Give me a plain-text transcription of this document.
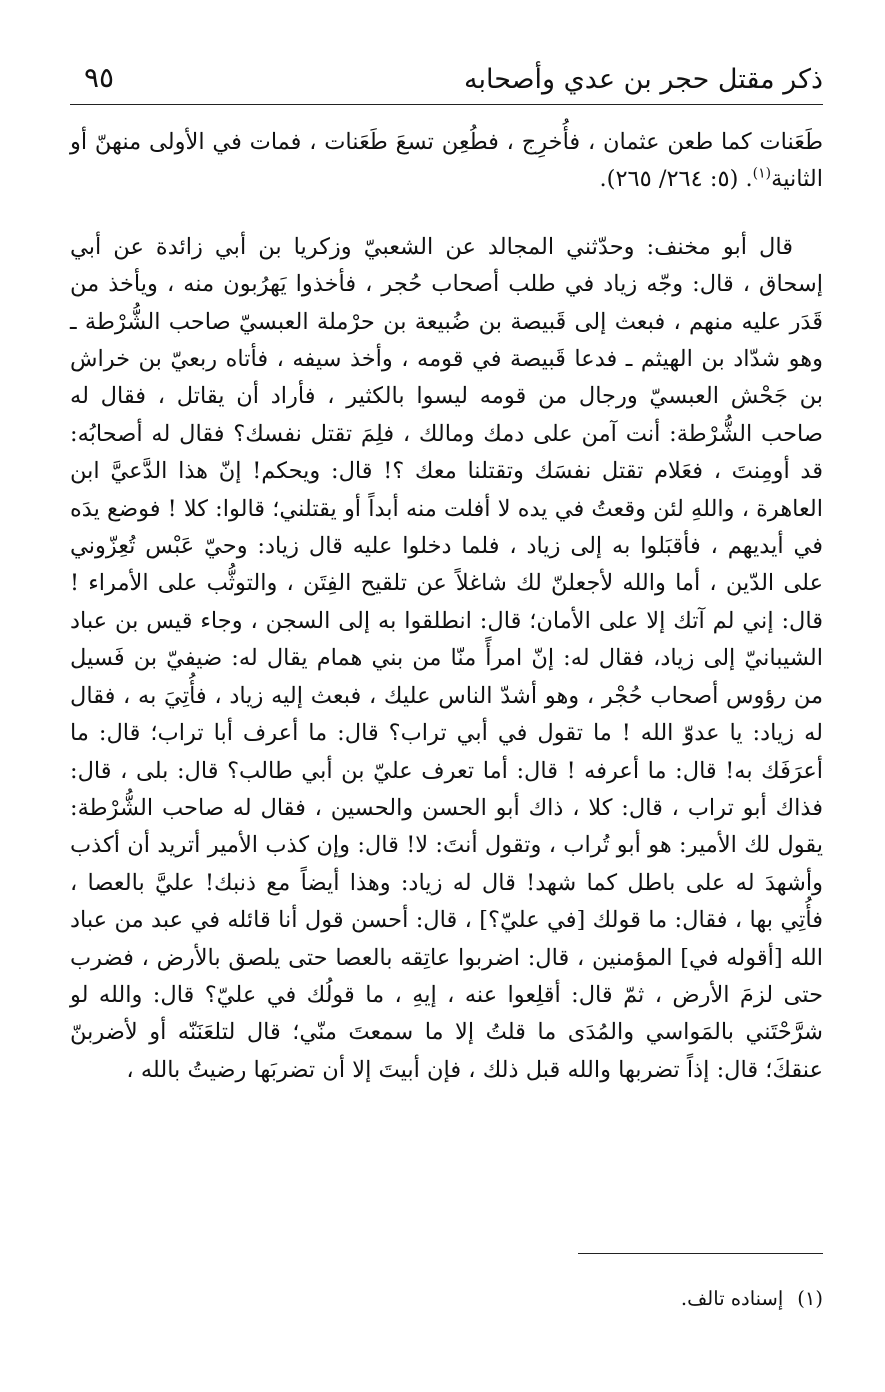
ذكر مقتل حجر بن عدي وأصحابه
٩٥

طَعَنات كما طعن عثمان ، فأُخرِج ، فطُعِن تسعَ طَعَنات ، فمات في الأولى منهنّ أو الثانية$^{(١)}$. (٥: ٢٦٤/ ٢٦٥).

قال أبو مخنف: وحدّثني المجالد عن الشعبيّ وزكريا بن أبي زائدة عن أبي إسحاق ، قال: وجّه زياد في طلب أصحاب حُجر ، فأخذوا يَهرُبون منه ، ويأخذ من قَدَر عليه منهم ، فبعث إلى قَبيصة بن ضُبيعة بن حرْملة العبسيّ صاحب الشُّرْطة ـ وهو شدّاد بن الهيثم ـ فدعا قَبيصة في قومه ، وأخذ سيفه ، فأتاه ربعيّ بن خراش بن جَحْش العبسيّ ورجال من قومه ليسوا بالكثير ، فأراد أن يقاتل ، فقال له صاحب الشُّرْطة: أنت آمن على دمك ومالك ، فلِمَ تقتل نفسك؟ فقال له أصحابُه: قد أومِنتَ ، فعَلام تقتل نفسَك وتقتلنا معك ؟! قال: ويحكم! إنّ هذا الدَّعيَّ ابن العاهرة ، واللهِ لئن وقعتُ في يده لا أفلت منه أبداً أو يقتلني؛ قالوا: كلا ! فوضع يدَه في أيديهم ، فأقبَلوا به إلى زياد ، فلما دخلوا عليه قال زياد: وحيّ عَبْس تُعِزّوني على الدّين ، أما والله لأجعلنّ لك شاغلاً عن تلقيح الفِتَن ، والتوثُّب على الأمراء ! قال: إني لم آتك إلا على الأمان؛ قال: انطلقوا به إلى السجن ، وجاء قيس بن عباد الشيبانيّ إلى زياد، فقال له: إنّ امرأً منّا من بني همام يقال له: ضيفيّ بن فَسيل من رؤوس أصحاب حُجْر ، وهو أشدّ الناس عليك ، فبعث إليه زياد ، فأُتِيَ به ، فقال له زياد: يا عدوّ الله ! ما تقول في أبي تراب؟ قال: ما أعرف أبا تراب؛ قال: ما أعرَفَك به! قال: ما أعرفه ! قال: أما تعرف عليّ بن أبي طالب؟ قال: بلى ، قال: فذاك أبو تراب ، قال: كلا ، ذاك أبو الحسن والحسين ، فقال له صاحب الشُّرْطة: يقول لك الأمير: هو أبو تُراب ، وتقول أنتَ: لا! قال: وإن كذب الأمير أتريد أن أكذب وأشهدَ له على باطل كما شهد! قال له زياد: وهذا أيضاً مع ذنبك! عليَّ بالعصا ، فأُتِي بها ، فقال: ما قولك [في عليّ؟] ، قال: أحسن قول أنا قائله في عبد من عباد الله [أقوله في] المؤمنين ، قال: اضربوا عاتِقه بالعصا حتى يلصق بالأرض ، فضرب حتى لزمَ الأرض ، ثمّ قال: أقلِعوا عنه ، إيهِ ، ما قولُك في عليّ؟ قال: والله لو شرَّحْتَني بالمَواسي والمُدَى ما قلتُ إلا ما سمعتَ منّي؛ قال لتلعَنَنّه أو لأضربنّ عنقكَ؛ قال: إذاً تضربها والله قبل ذلك ، فإن أبيتَ إلا أن تضربَها رضيتُ بالله ،

(١)إسناده تالف.
